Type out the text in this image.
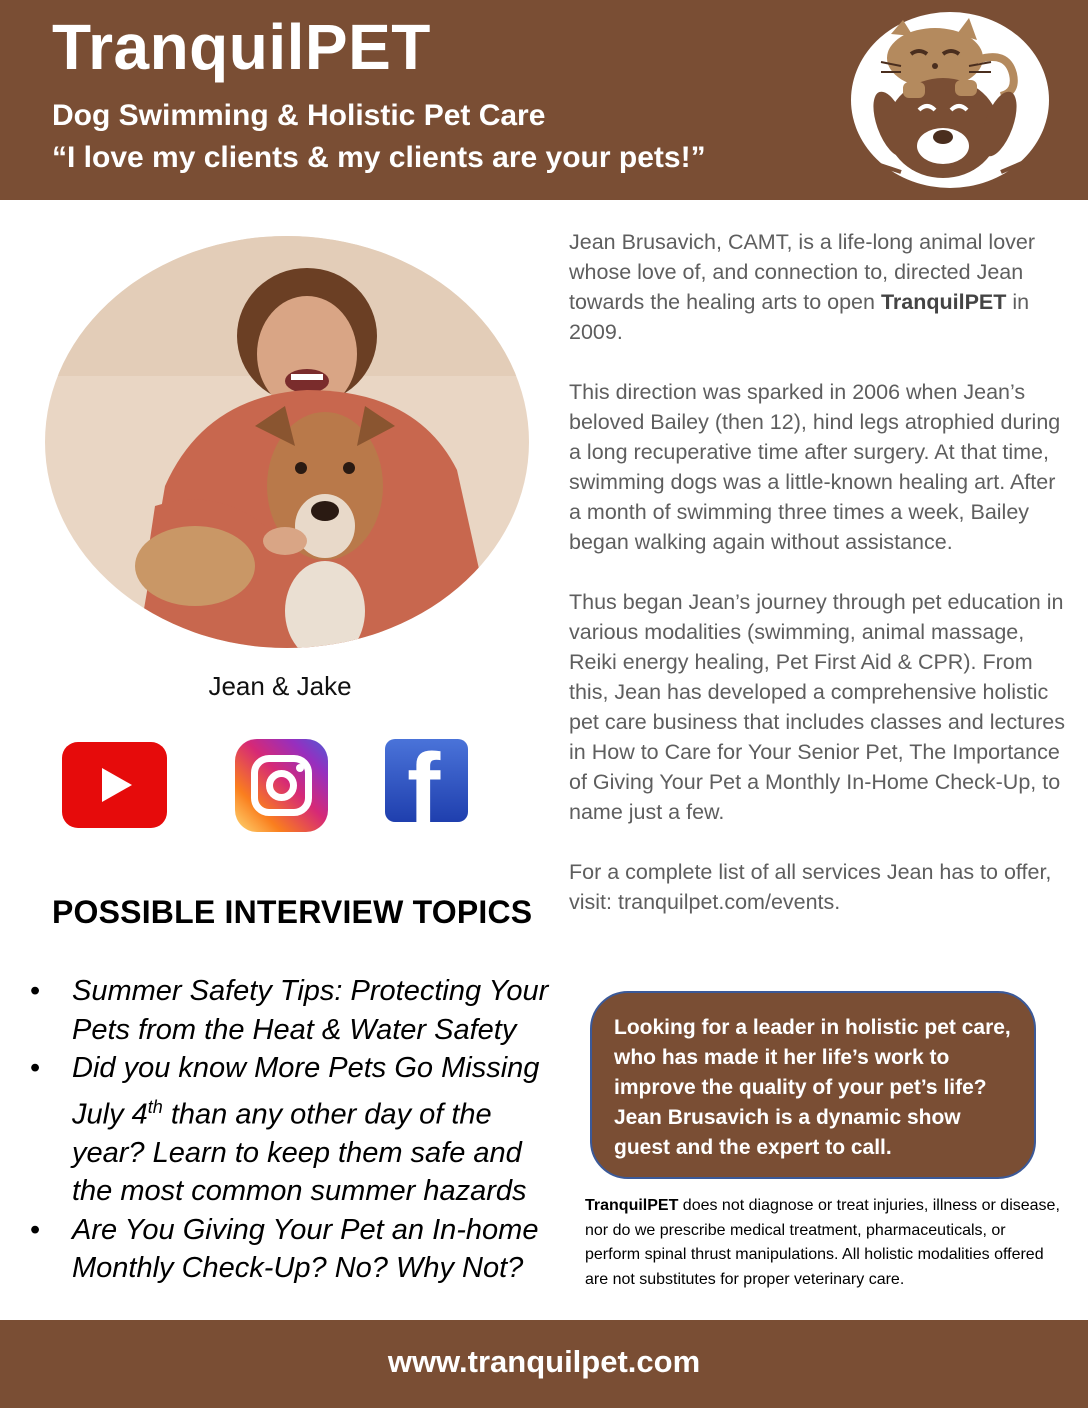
TranquilPET
Dog Swimming & Holistic Pet Care
“I love my clients & my clients are your pets!”
Jean & Jake
f
POSSIBLE INTERVIEW TOPICS
• Summer Safety Tips: Protecting Your Pets from the Heat & Water Safety
• Did you know More Pets Go Missing July 4th than any other day of the year? Learn to keep them safe and the most common summer hazards
• Are You Giving Your Pet an In-home Monthly Check-Up? No? Why Not?

Jean Brusavich, CAMT, is a life-long animal lover whose love of, and connection to, directed Jean towards the healing arts to open TranquilPET in 2009.

This direction was sparked in 2006 when Jean’s beloved Bailey (then 12), hind legs atrophied during a long recuperative time after surgery. At that time, swimming dogs was a little-known healing art. After a month of swimming three times a week, Bailey began walking again without assistance.

Thus began Jean’s journey through pet education in various modalities (swimming, animal massage, Reiki energy healing, Pet First Aid & CPR). From this, Jean has developed a comprehensive holistic pet care business that includes classes and lectures in How to Care for Your Senior Pet, The Importance of Giving Your Pet a Monthly In-Home Check-Up, to name just a few.

For a complete list of all services Jean has to offer, visit: tranquilpet.com/events.

Looking for a leader in holistic pet care, who has made it her life’s work to improve the quality of your pet’s life? Jean Brusavich is a dynamic show guest and the expert to call.
TranquilPET does not diagnose or treat injuries, illness or disease, nor do we prescribe medical treatment, pharmaceuticals, or perform spinal thrust manipulations. All holistic modalities offered are not substitutes for proper veterinary care.
www.tranquilpet.com
